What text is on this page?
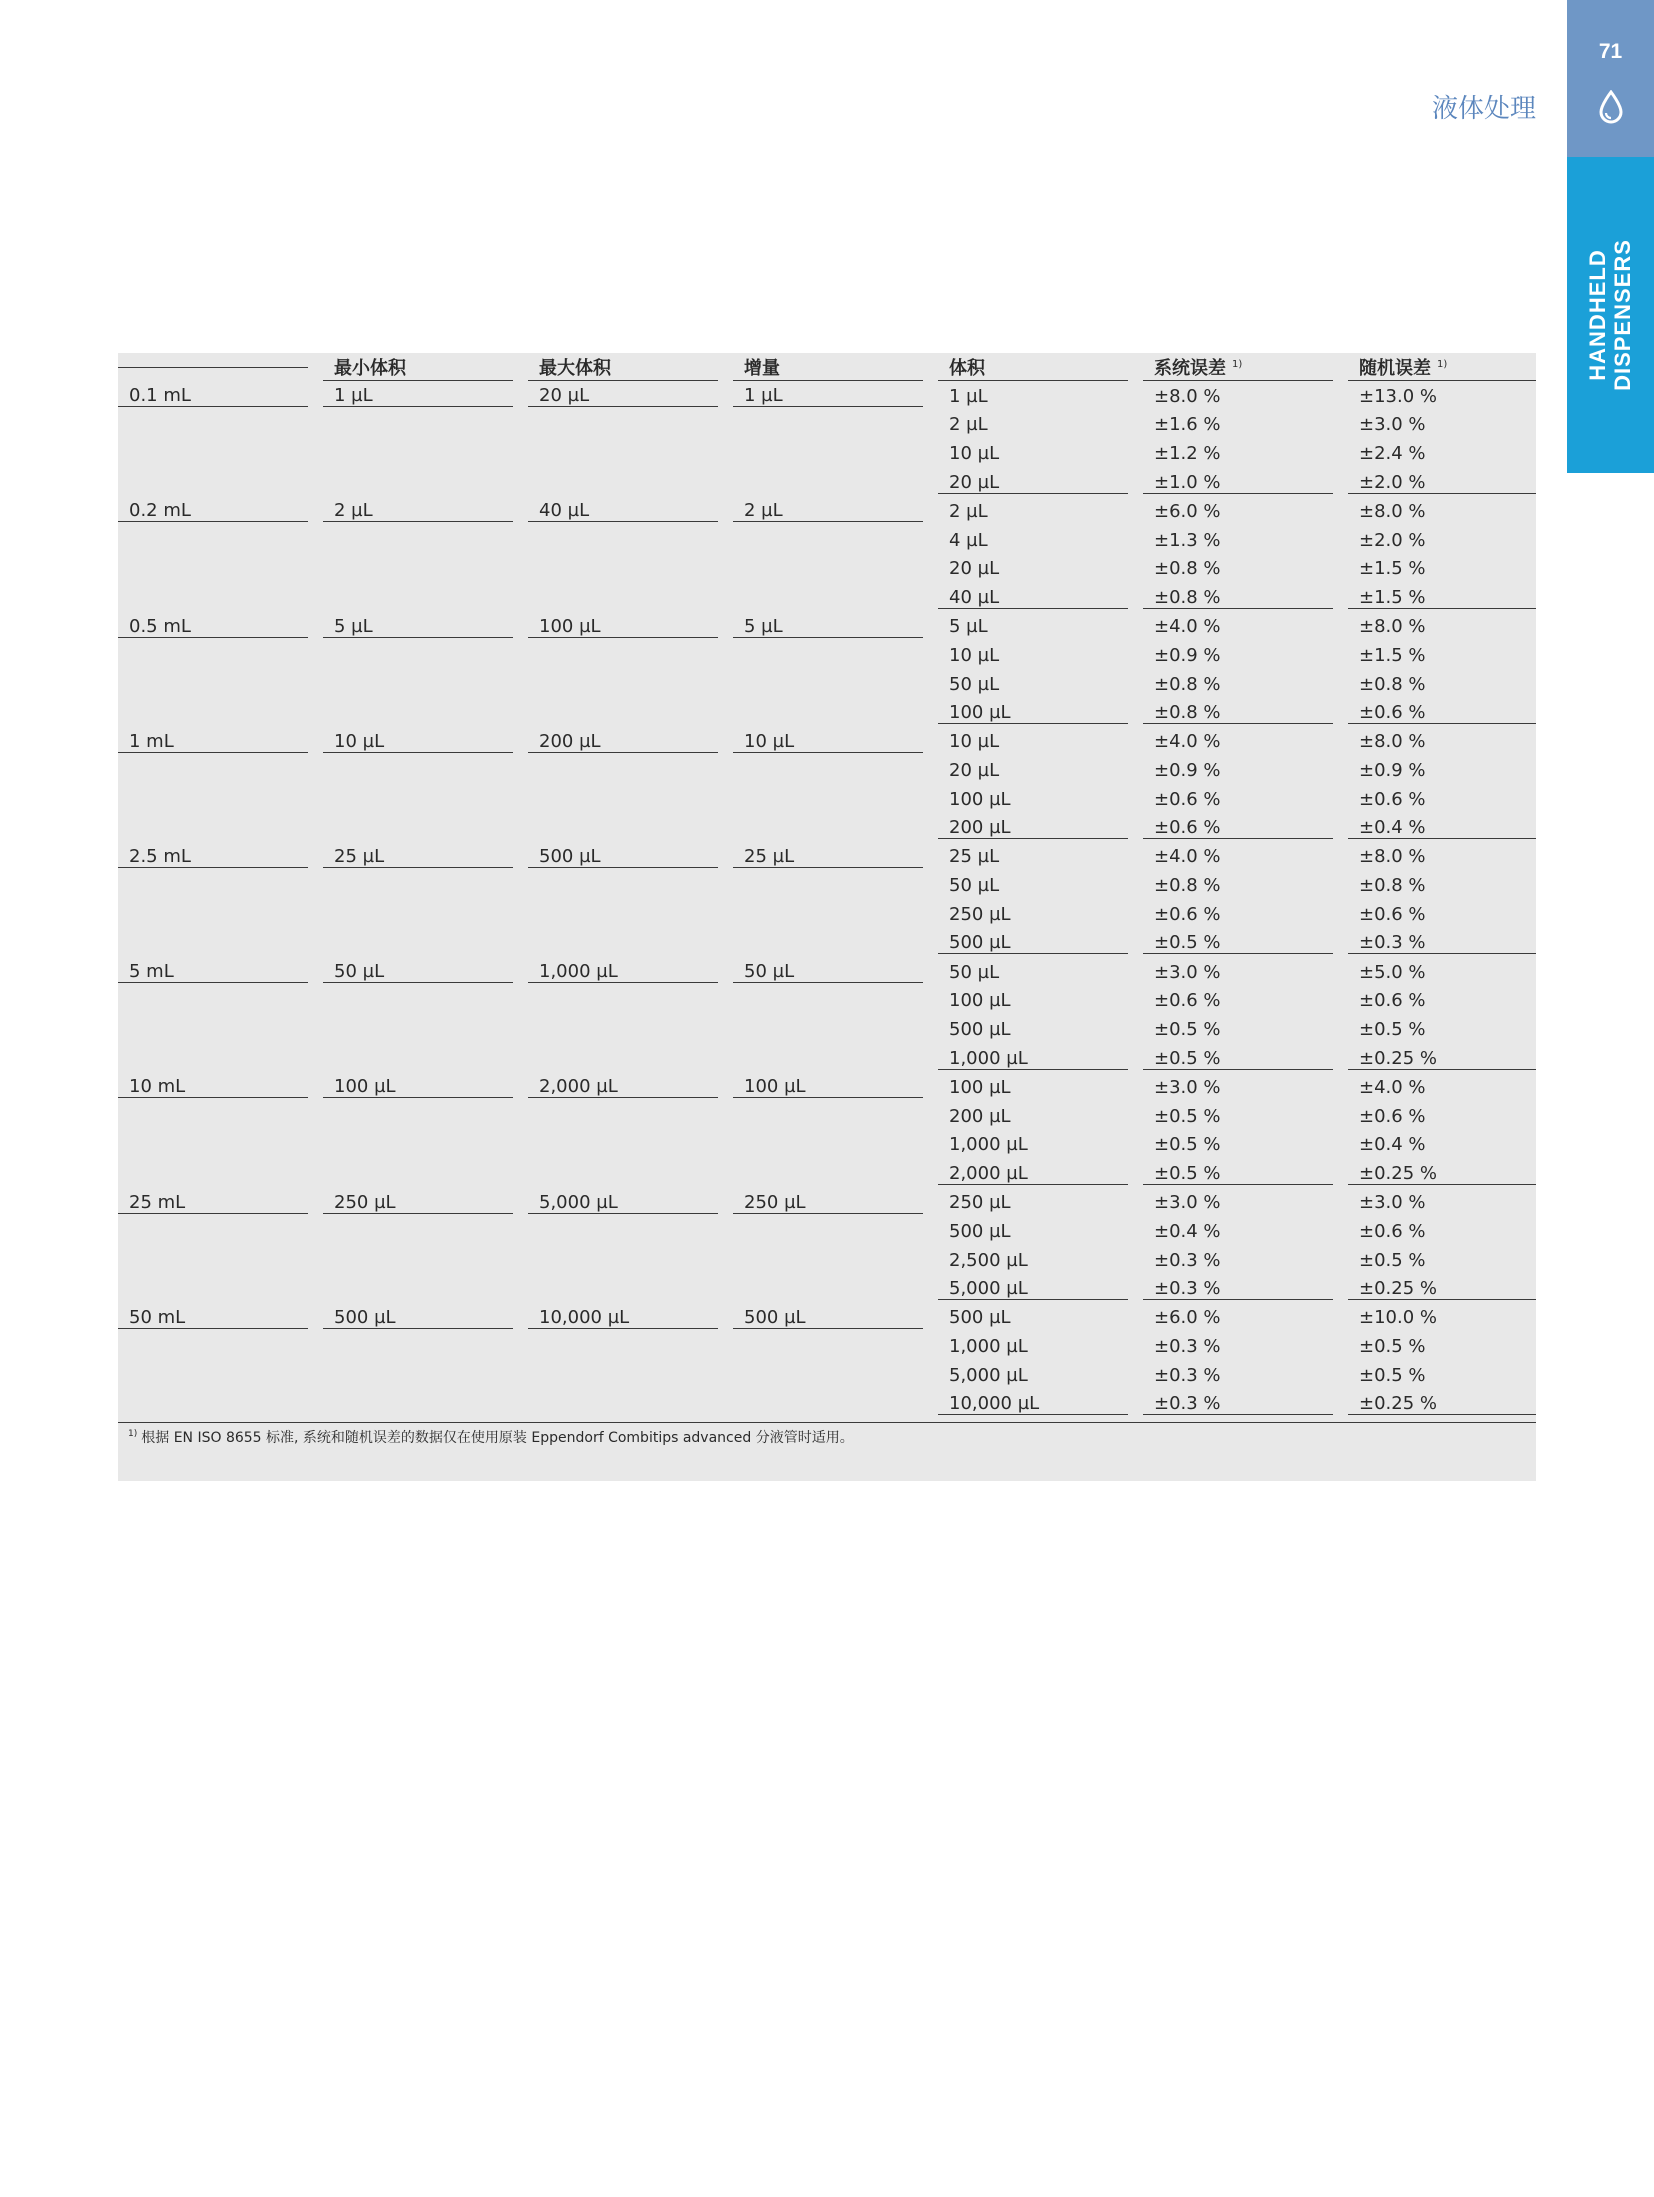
71
HANDHELD DISPENSERS
液体处理

	最小体积	最大体积	增量	体积	系统误差 $^{1)}$	随机误差 $^{1)}$

0.1 mL	1 µL	20 µL	1 µL	1 µL	±8.0 %	±13.0 %

				2 µL	±1.6 %	±3.0 %

				10 µL	±1.2 %	±2.4 %

				20 µL	±1.0 %	±2.0 %

0.2 mL	2 µL	40 µL	2 µL	2 µL	±6.0 %	±8.0 %

				4 µL	±1.3 %	±2.0 %

				20 µL	±0.8 %	±1.5 %

				40 µL	±0.8 %	±1.5 %

0.5 mL	5 µL	100 µL	5 µL	5 µL	±4.0 %	±8.0 %

				10 µL	±0.9 %	±1.5 %

				50 µL	±0.8 %	±0.8 %

				100 µL	±0.8 %	±0.6 %

1 mL	10 µL	200 µL	10 µL	10 µL	±4.0 %	±8.0 %

				20 µL	±0.9 %	±0.9 %

				100 µL	±0.6 %	±0.6 %

				200 µL	±0.6 %	±0.4 %

2.5 mL	25 µL	500 µL	25 µL	25 µL	±4.0 %	±8.0 %

				50 µL	±0.8 %	±0.8 %

				250 µL	±0.6 %	±0.6 %

				500 µL	±0.5 %	±0.3 %

5 mL	50 µL	1,000 µL	50 µL	50 µL	±3.0 %	±5.0 %

				100 µL	±0.6 %	±0.6 %

				500 µL	±0.5 %	±0.5 %

				1,000 µL	±0.5 %	±0.25 %

10 mL	100 µL	2,000 µL	100 µL	100 µL	±3.0 %	±4.0 %

				200 µL	±0.5 %	±0.6 %

				1,000 µL	±0.5 %	±0.4 %

				2,000 µL	±0.5 %	±0.25 %

25 mL	250 µL	5,000 µL	250 µL	250 µL	±3.0 %	±3.0 %

				500 µL	±0.4 %	±0.6 %

				2,500 µL	±0.3 %	±0.5 %

				5,000 µL	±0.3 %	±0.25 %

50 mL	500 µL	10,000 µL	500 µL	500 µL	±6.0 %	±10.0 %

				1,000 µL	±0.3 %	±0.5 %

				5,000 µL	±0.3 %	±0.5 %

				10,000 µL	±0.3 %	±0.25 %
$^{1)}$ 根据 EN ISO 8655 标准, 系统和随机误差的数据仅在使用原装 Eppendorf Combitips advanced 分液管时适用。
